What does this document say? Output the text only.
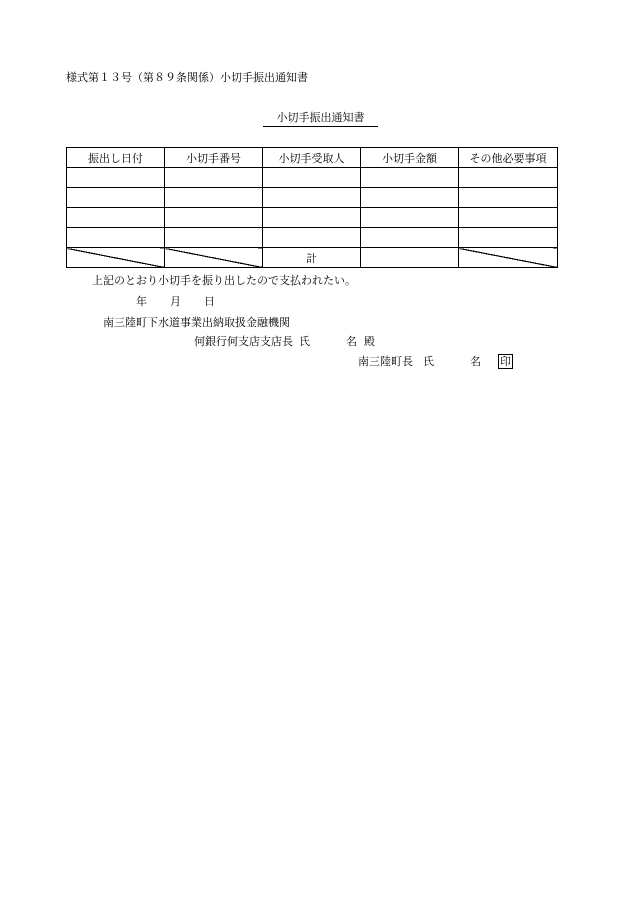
様式第１３号（第８９条関係）小切手振出通知書
小切手振出通知書
振出し日付	小切手番号	小切手受取人	小切手金額	その他必要事項

		計		
上記のとおり小切手を振り出したので支払われたい。
年 月 日
南三陸町下水道事業出納取扱金融機関
何銀行何支店支店長 氏	名 殿
南三陸町長 氏	名 印
